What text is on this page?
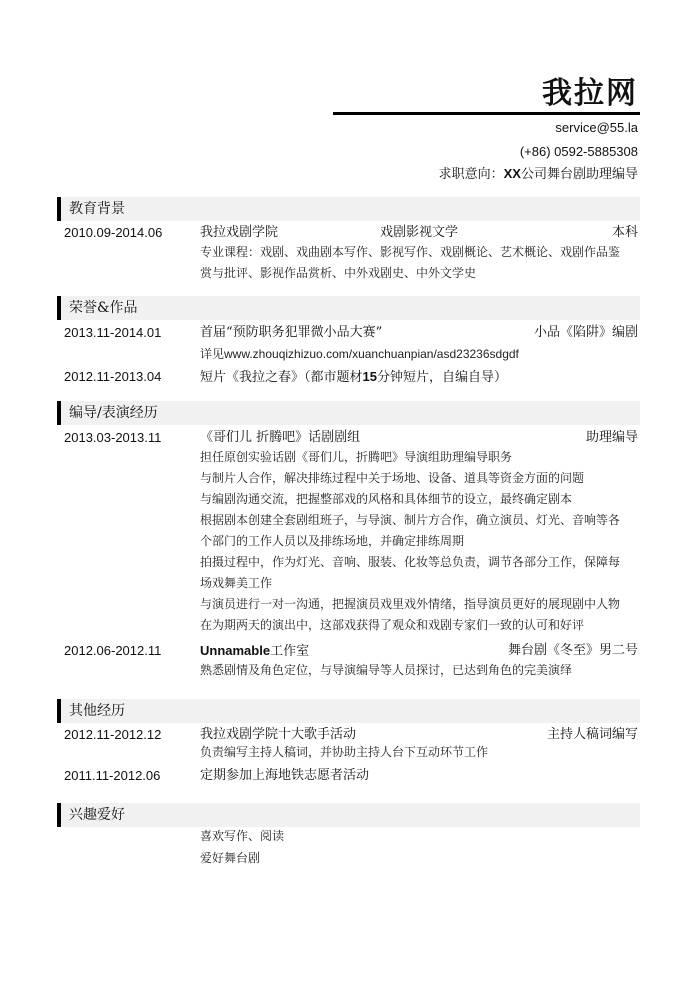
我拉网
service@55.la
(+86) 0592-5885308
求职意向：XX公司舞台剧助理编导
教育背景
2010.09-2014.06	我拉戏剧学院	戏剧影视文学	本科
专业课程：戏剧、戏曲剧本写作、影视写作、戏剧概论、艺术概论、戏剧作品鉴
赏与批评、影视作品赏析、中外戏剧史、中外文学史
荣誉&作品
2013.11-2014.01	首届“预防职务犯罪微小品大赛”	小品《陷阱》编剧
详见www.zhouqizhizuo.com/xuanchuanpian/asd23236sdgdf
2012.11-2013.04	短片《我拉之春》（都市题材15分钟短片，自编自导）
编导/表演经历
2013.03-2013.11	《哥们儿 折腾吧》话剧剧组	助理编导
担任原创实验话剧《哥们儿，折腾吧》导演组助理编导职务
与制片人合作，解决排练过程中关于场地、设备、道具等资金方面的问题
与编剧沟通交流，把握整部戏的风格和具体细节的设立，最终确定剧本
根据剧本创建全套剧组班子，与导演、制片方合作，确立演员、灯光、音响等各
个部门的工作人员以及排练场地，并确定排练周期
拍摄过程中，作为灯光、音响、服装、化妆等总负责，调节各部分工作，保障每
场戏舞美工作
与演员进行一对一沟通，把握演员戏里戏外情绪，指导演员更好的展现剧中人物
在为期两天的演出中，这部戏获得了观众和戏剧专家们一致的认可和好评
2012.06-2012.11	Unnamable工作室	舞台剧《冬至》男二号
熟悉剧情及角色定位，与导演编导等人员探讨，已达到角色的完美演绎
其他经历
2012.11-2012.12	我拉戏剧学院十大歌手活动	主持人稿词编写
负责编写主持人稿词，并协助主持人台下互动环节工作
2011.11-2012.06	定期参加上海地铁志愿者活动
兴趣爱好
喜欢写作、阅读
爱好舞台剧
